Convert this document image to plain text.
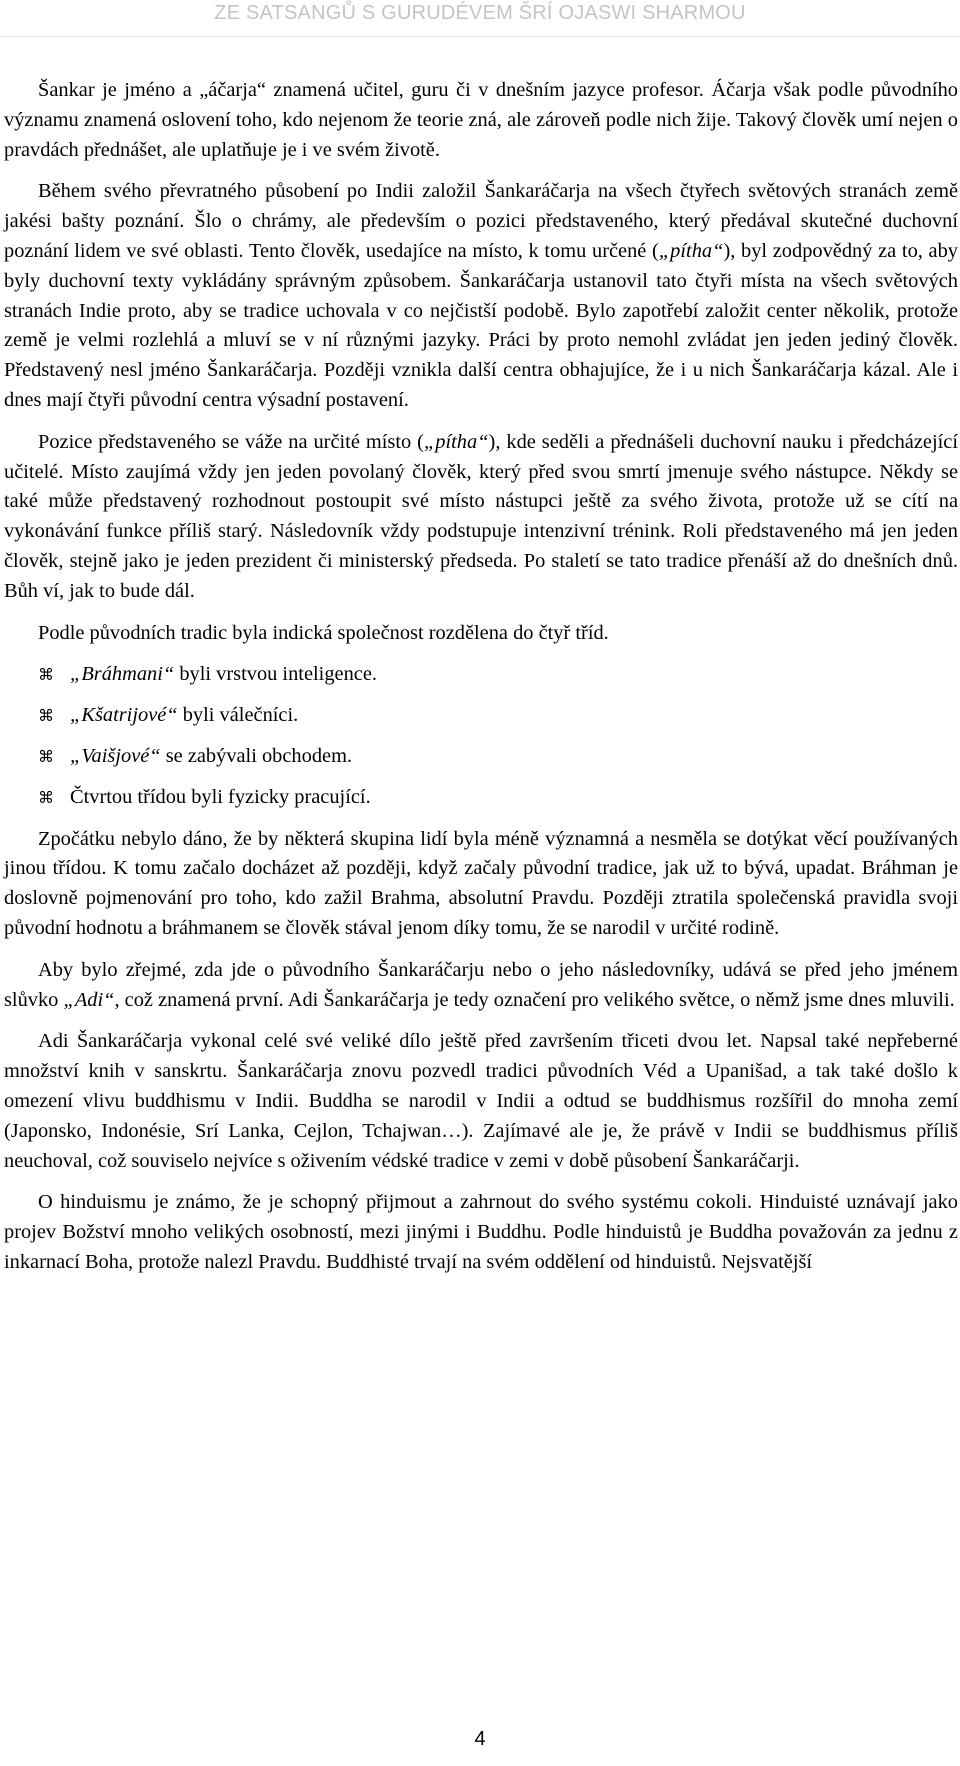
ZE SATSANGŮ S GURUDÉVEM ŠRÍ OJASWI SHARMOU

Šankar je jméno a „áčarja“ znamená učitel, guru či v dnešním jazyce profesor. Áčarja však podle původního významu znamená oslovení toho, kdo nejenom že teorie zná, ale zároveň podle nich žije. Takový člověk umí nejen o pravdách přednášet, ale uplatňuje je i ve svém životě.

Během svého převratného působení po Indii založil Šankaráčarja na všech čtyřech světových stranách země jakési bašty poznání. Šlo o chrámy, ale především o pozici představeného, který předával skutečné duchovní poznání lidem ve své oblasti. Tento člověk, usedajíce na místo, k tomu určené („pítha“), byl zodpovědný za to, aby byly duchovní texty vykládány správným způsobem. Šankaráčarja ustanovil tato čtyři místa na všech světových stranách Indie proto, aby se tradice uchovala v co nejčistší podobě. Bylo zapotřebí založit center několik, protože země je velmi rozlehlá a mluví se v ní různými jazyky. Práci by proto nemohl zvládat jen jeden jediný člověk. Představený nesl jméno Šankaráčarja. Později vznikla další centra obhajujíce, že i u nich Šankaráčarja kázal. Ale i dnes mají čtyři původní centra výsadní postavení.

Pozice představeného se váže na určité místo („pítha“), kde seděli a přednášeli duchovní nauku i předcházející učitelé. Místo zaujímá vždy jen jeden povolaný člověk, který před svou smrtí jmenuje svého nástupce. Někdy se také může představený rozhodnout postoupit své místo nástupci ještě za svého života, protože už se cítí na vykonávání funkce příliš starý. Následovník vždy podstupuje intenzivní trénink. Roli představeného má jen jeden člověk, stejně jako je jeden prezident či ministerský předseda. Po staletí se tato tradice přenáší až do dnešních dnů. Bůh ví, jak to bude dál.

Podle původních tradic byla indická společnost rozdělena do čtyř tříd.

⌘ „Bráhmani“ byli vrstvou inteligence.
⌘ „Kšatrijové“ byli válečníci.
⌘ „Vaišjové“ se zabývali obchodem.
⌘ Čtvrtou třídou byli fyzicky pracující.

Zpočátku nebylo dáno, že by některá skupina lidí byla méně významná a nesměla se dotýkat věcí používaných jinou třídou. K tomu začalo docházet až později, když začaly původní tradice, jak už to bývá, upadat. Bráhman je doslovně pojmenování pro toho, kdo zažil Brahma, absolutní Pravdu. Později ztratila společenská pravidla svoji původní hodnotu a bráhmanem se člověk stával jenom díky tomu, že se narodil v určité rodině.

Aby bylo zřejmé, zda jde o původního Šankaráčarju nebo o jeho následovníky, udává se před jeho jménem slůvko „Adi“, což znamená první. Adi Šankaráčarja je tedy označení pro velikého světce, o němž jsme dnes mluvili.

Adi Šankaráčarja vykonal celé své veliké dílo ještě před završením třiceti dvou let. Napsal také nepřeberné množství knih v sanskrtu. Šankaráčarja znovu pozvedl tradici původních Véd a Upanišad, a tak také došlo k omezení vlivu buddhismu v Indii. Buddha se narodil v Indii a odtud se buddhismus rozšířil do mnoha zemí (Japonsko, Indonésie, Srí Lanka, Cejlon, Tchajwan…). Zajímavé ale je, že právě v Indii se buddhismus příliš neuchoval, což souviselo nejvíce s oživením védské tradice v zemi v době působení Šankaráčarji.

O hinduismu je známo, že je schopný přijmout a zahrnout do svého systému cokoli. Hinduisté uznávají jako projev Božství mnoho velikých osobností, mezi jinými i Buddhu. Podle hinduistů je Buddha považován za jednu z inkarnací Boha, protože nalezl Pravdu. Buddhisté trvají na svém oddělení od hinduistů. Nejsvatější

4
